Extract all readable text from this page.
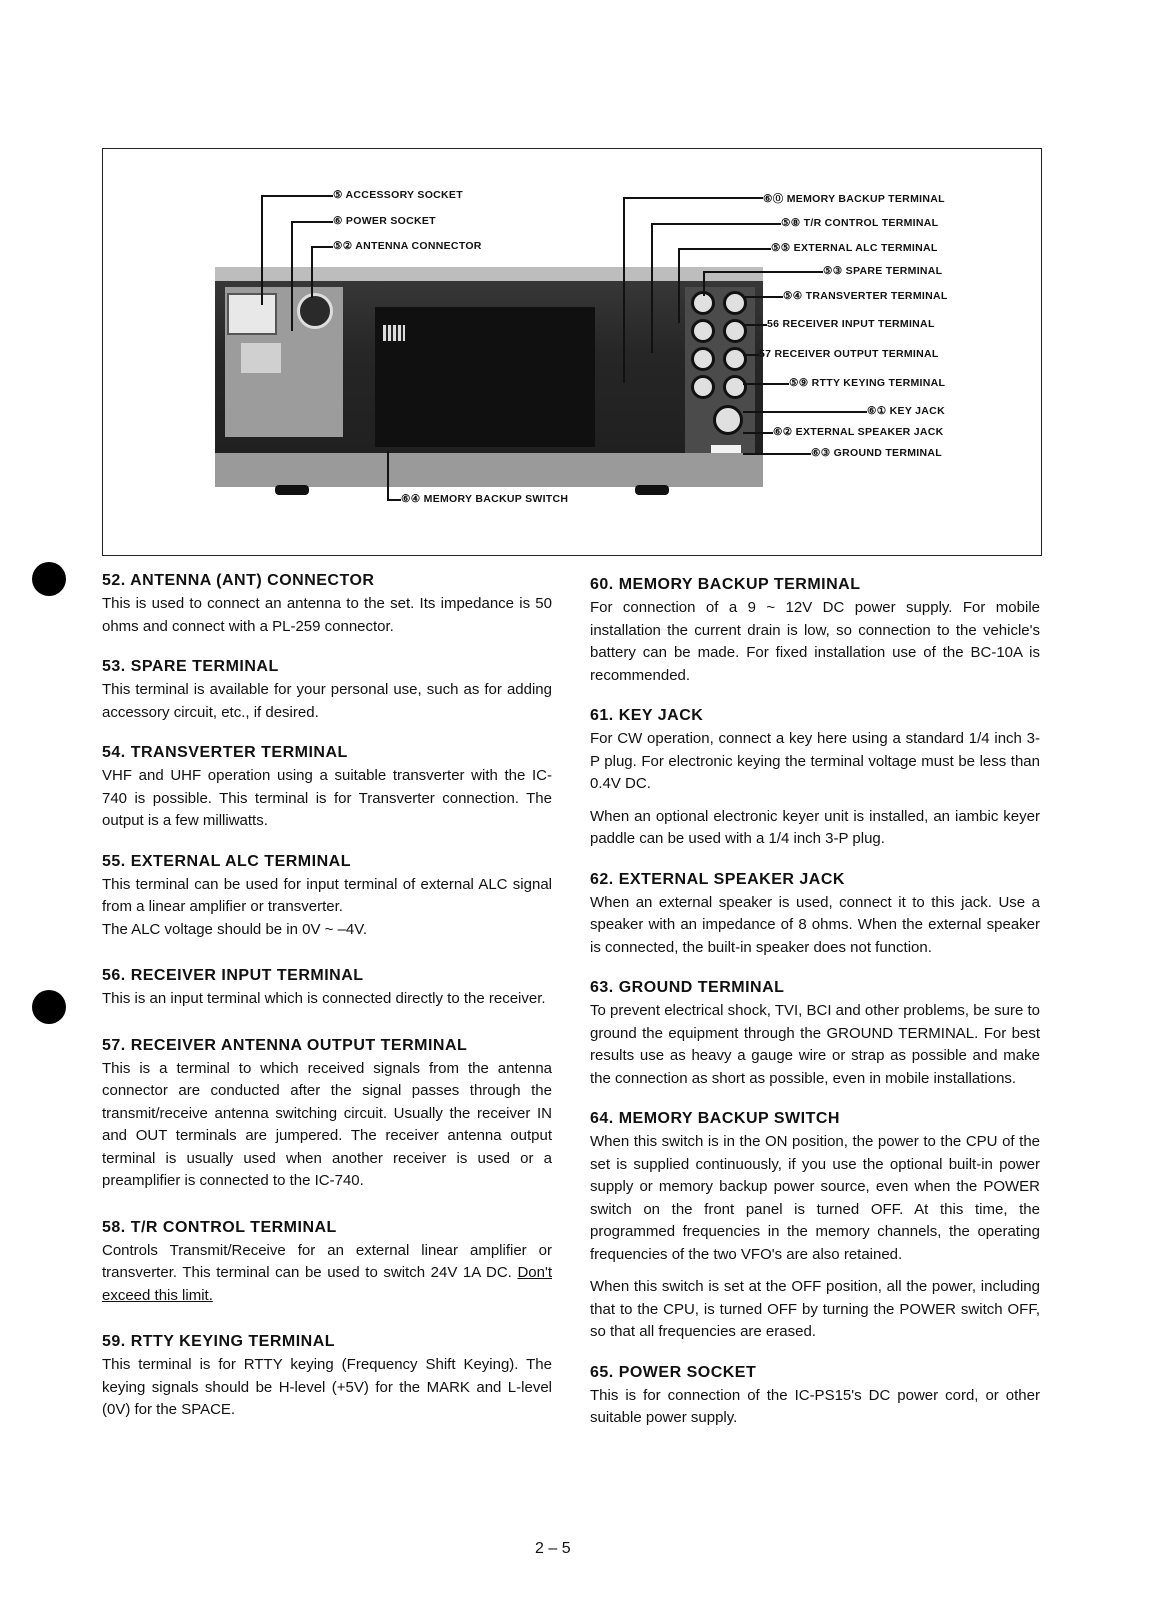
⑤ ACCESSORY SOCKET
⑥ POWER SOCKET
⑤② ANTENNA CONNECTOR
⑥⓪ MEMORY BACKUP TERMINAL
⑤⑧ T/R CONTROL TERMINAL
⑤⑤ EXTERNAL ALC TERMINAL
⑤③ SPARE TERMINAL
⑤④ TRANSVERTER TERMINAL
56 RECEIVER INPUT TERMINAL
57 RECEIVER OUTPUT TERMINAL
⑤⑨ RTTY KEYING TERMINAL
⑥① KEY JACK
⑥② EXTERNAL SPEAKER JACK
⑥③ GROUND TERMINAL
⑥④ MEMORY BACKUP SWITCH
52. ANTENNA (ANT) CONNECTOR

This is used to connect an antenna to the set. Its impedance is 50 ohms and connect with a PL-259 connector.

53. SPARE TERMINAL

This terminal is available for your personal use, such as for adding accessory circuit, etc., if desired.

54. TRANSVERTER TERMINAL

VHF and UHF operation using a suitable transverter with the IC-740 is possible. This terminal is for Transverter connection. The output is a few milliwatts.

55. EXTERNAL ALC TERMINAL

This terminal can be used for input terminal of external ALC signal from a linear amplifier or transverter.

The ALC voltage should be in 0V ~ –4V.

56. RECEIVER INPUT TERMINAL

This is an input terminal which is connected directly to the receiver.

57. RECEIVER ANTENNA OUTPUT TERMINAL

This is a terminal to which received signals from the antenna connector are conducted after the signal passes through the transmit/receive antenna switching circuit. Usually the receiver IN and OUT terminals are jumpered. The receiver antenna output terminal is usually used when another receiver is used or a preamplifier is connected to the IC-740.

58. T/R CONTROL TERMINAL

Controls Transmit/Receive for an external linear amplifier or transverter. This terminal can be used to switch 24V 1A DC. Don't exceed this limit.

59. RTTY KEYING TERMINAL

This terminal is for RTTY keying (Frequency Shift Keying). The keying signals should be H-level (+5V) for the MARK and L-level (0V) for the SPACE.

60. MEMORY BACKUP TERMINAL

For connection of a 9 ~ 12V DC power supply. For mobile installation the current drain is low, so connection to the vehicle's battery can be made. For fixed installation use of the BC-10A is recommended.

61. KEY JACK

For CW operation, connect a key here using a standard 1/4 inch 3-P plug. For electronic keying the terminal voltage must be less than 0.4V DC.

When an optional electronic keyer unit is installed, an iambic keyer paddle can be used with a 1/4 inch 3-P plug.

62. EXTERNAL SPEAKER JACK

When an external speaker is used, connect it to this jack. Use a speaker with an impedance of 8 ohms. When the external speaker is connected, the built-in speaker does not function.

63. GROUND TERMINAL

To prevent electrical shock, TVI, BCI and other problems, be sure to ground the equipment through the GROUND TERMINAL. For best results use as heavy a gauge wire or strap as possible and make the connection as short as possible, even in mobile installations.

64. MEMORY BACKUP SWITCH

When this switch is in the ON position, the power to the CPU of the set is supplied continuously, if you use the optional built-in power supply or memory backup power source, even when the POWER switch on the front panel is turned OFF. At this time, the programmed frequencies in the memory channels, the operating frequencies of the two VFO's are also retained.

When this switch is set at the OFF position, all the power, including that to the CPU, is turned OFF by turning the POWER switch OFF, so that all frequencies are erased.

65. POWER SOCKET

This is for connection of the IC-PS15's DC power cord, or other suitable power supply.

2 – 5
